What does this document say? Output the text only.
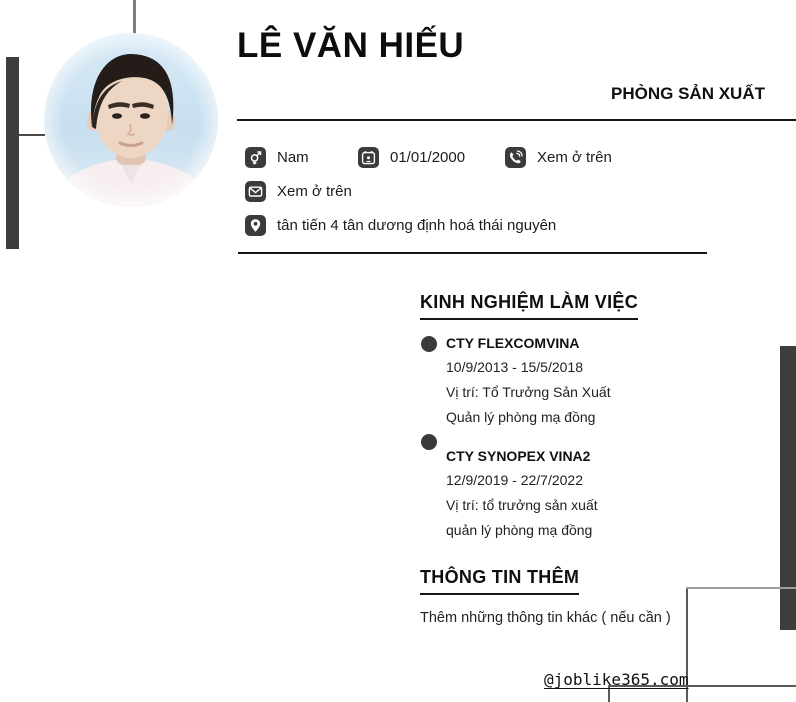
LÊ VĂN HIẾU
PHÒNG SẢN XUẤT
Nam	01/01/2000	Xem ở trên
Xem ở trên
tân tiến 4 tân dương định hoá thái nguyên
KINH NGHIỆM LÀM VIỆC
CTY FLEXCOMVINA
10/9/2013 - 15/5/2018
Vị trí: Tổ Trưởng Sản Xuất
Quản lý phòng mạ đồng
CTY SYNOPEX VINA2
12/9/2019 - 22/7/2022
Vị trí: tổ trưởng sản xuất
quản lý phòng mạ đồng
THÔNG TIN THÊM
Thêm những thông tin khác ( nếu cần )
@joblike365.com
